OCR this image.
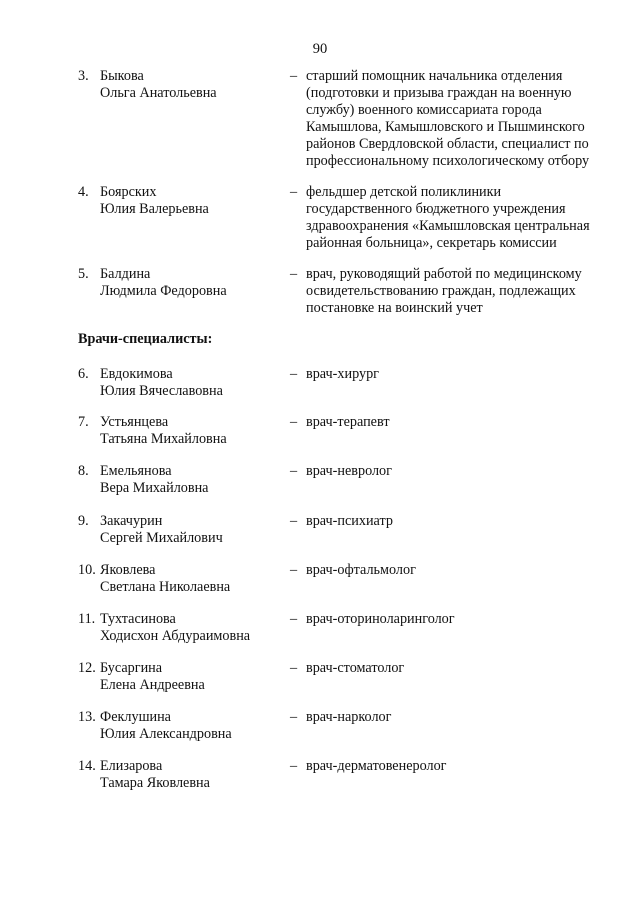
90
3. Быкова
Ольга Анатольевна
– старший помощник начальника отделения
(подготовки и призыва граждан на военную
службу) военного комиссариата города
Камышлова, Камышловского и Пышминского
районов Свердловской области, специалист по
профессиональному психологическому отбору
4. Боярских
Юлия Валерьевна
– фельдшер детской поликлиники
государственного бюджетного учреждения
здравоохранения «Камышловская центральная
районная больница», секретарь комиссии
5. Балдина
Людмила Федоровна
– врач, руководящий работой по медицинскому
освидетельствованию граждан, подлежащих
постановке на воинский учет
Врачи-специалисты:
6. Евдокимова
Юлия Вячеславовна
– врач-хирург
7. Устьянцева
Татьяна Михайловна
– врач-терапевт
8. Емельянова
Вера Михайловна
– врач-невролог
9. Закачурин
Сергей Михайлович
– врач-психиатр
10. Яковлева
Светлана Николаевна
– врач-офтальмолог
11. Тухтасинова
Ходисхон Абдураимовна
– врач-оториноларинголог
12. Бусаргина
Елена Андреевна
– врач-стоматолог
13. Феклушина
Юлия Александровна
– врач-нарколог
14. Елизарова
Тамара Яковлевна
– врач-дерматовенеролог
